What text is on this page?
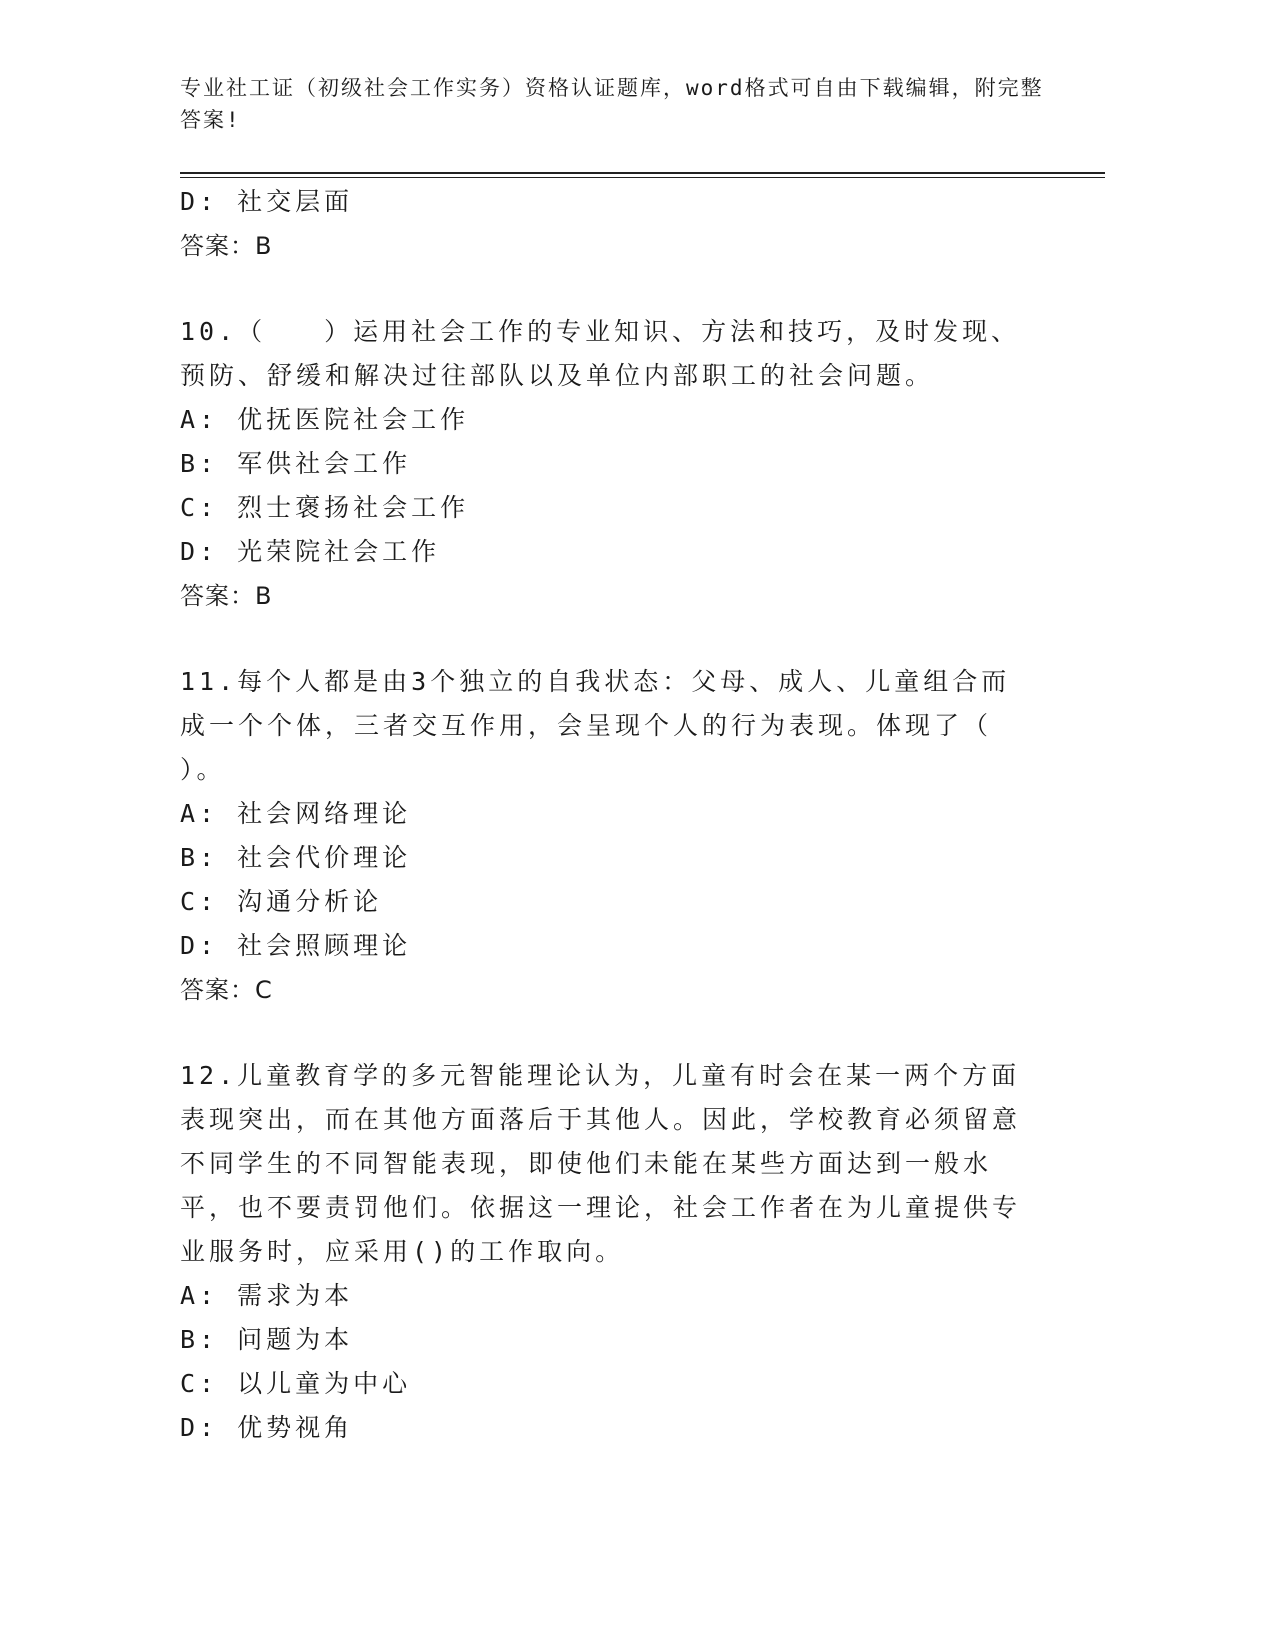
专业社工证（初级社会工作实务）资格认证题库，word格式可自由下载编辑，附完整答案!
D: 社交层面
答案：B
10.（　　）运用社会工作的专业知识、方法和技巧，及时发现、预防、舒缓和解决过往部队以及单位内部职工的社会问题。
A: 优抚医院社会工作
B: 军供社会工作
C: 烈士褒扬社会工作
D: 光荣院社会工作
答案：B
11.每个人都是由3个独立的自我状态：父母、成人、儿童组合而成一个个体，三者交互作用，会呈现个人的行为表现。体现了（ ）。
A: 社会网络理论
B: 社会代价理论
C: 沟通分析论
D: 社会照顾理论
答案：C
12.儿童教育学的多元智能理论认为，儿童有时会在某一两个方面表现突出，而在其他方面落后于其他人。因此，学校教育必须留意不同学生的不同智能表现，即使他们未能在某些方面达到一般水平，也不要责罚他们。依据这一理论，社会工作者在为儿童提供专业服务时，应采用()的工作取向。
A: 需求为本
B: 问题为本
C: 以儿童为中心
D: 优势视角
